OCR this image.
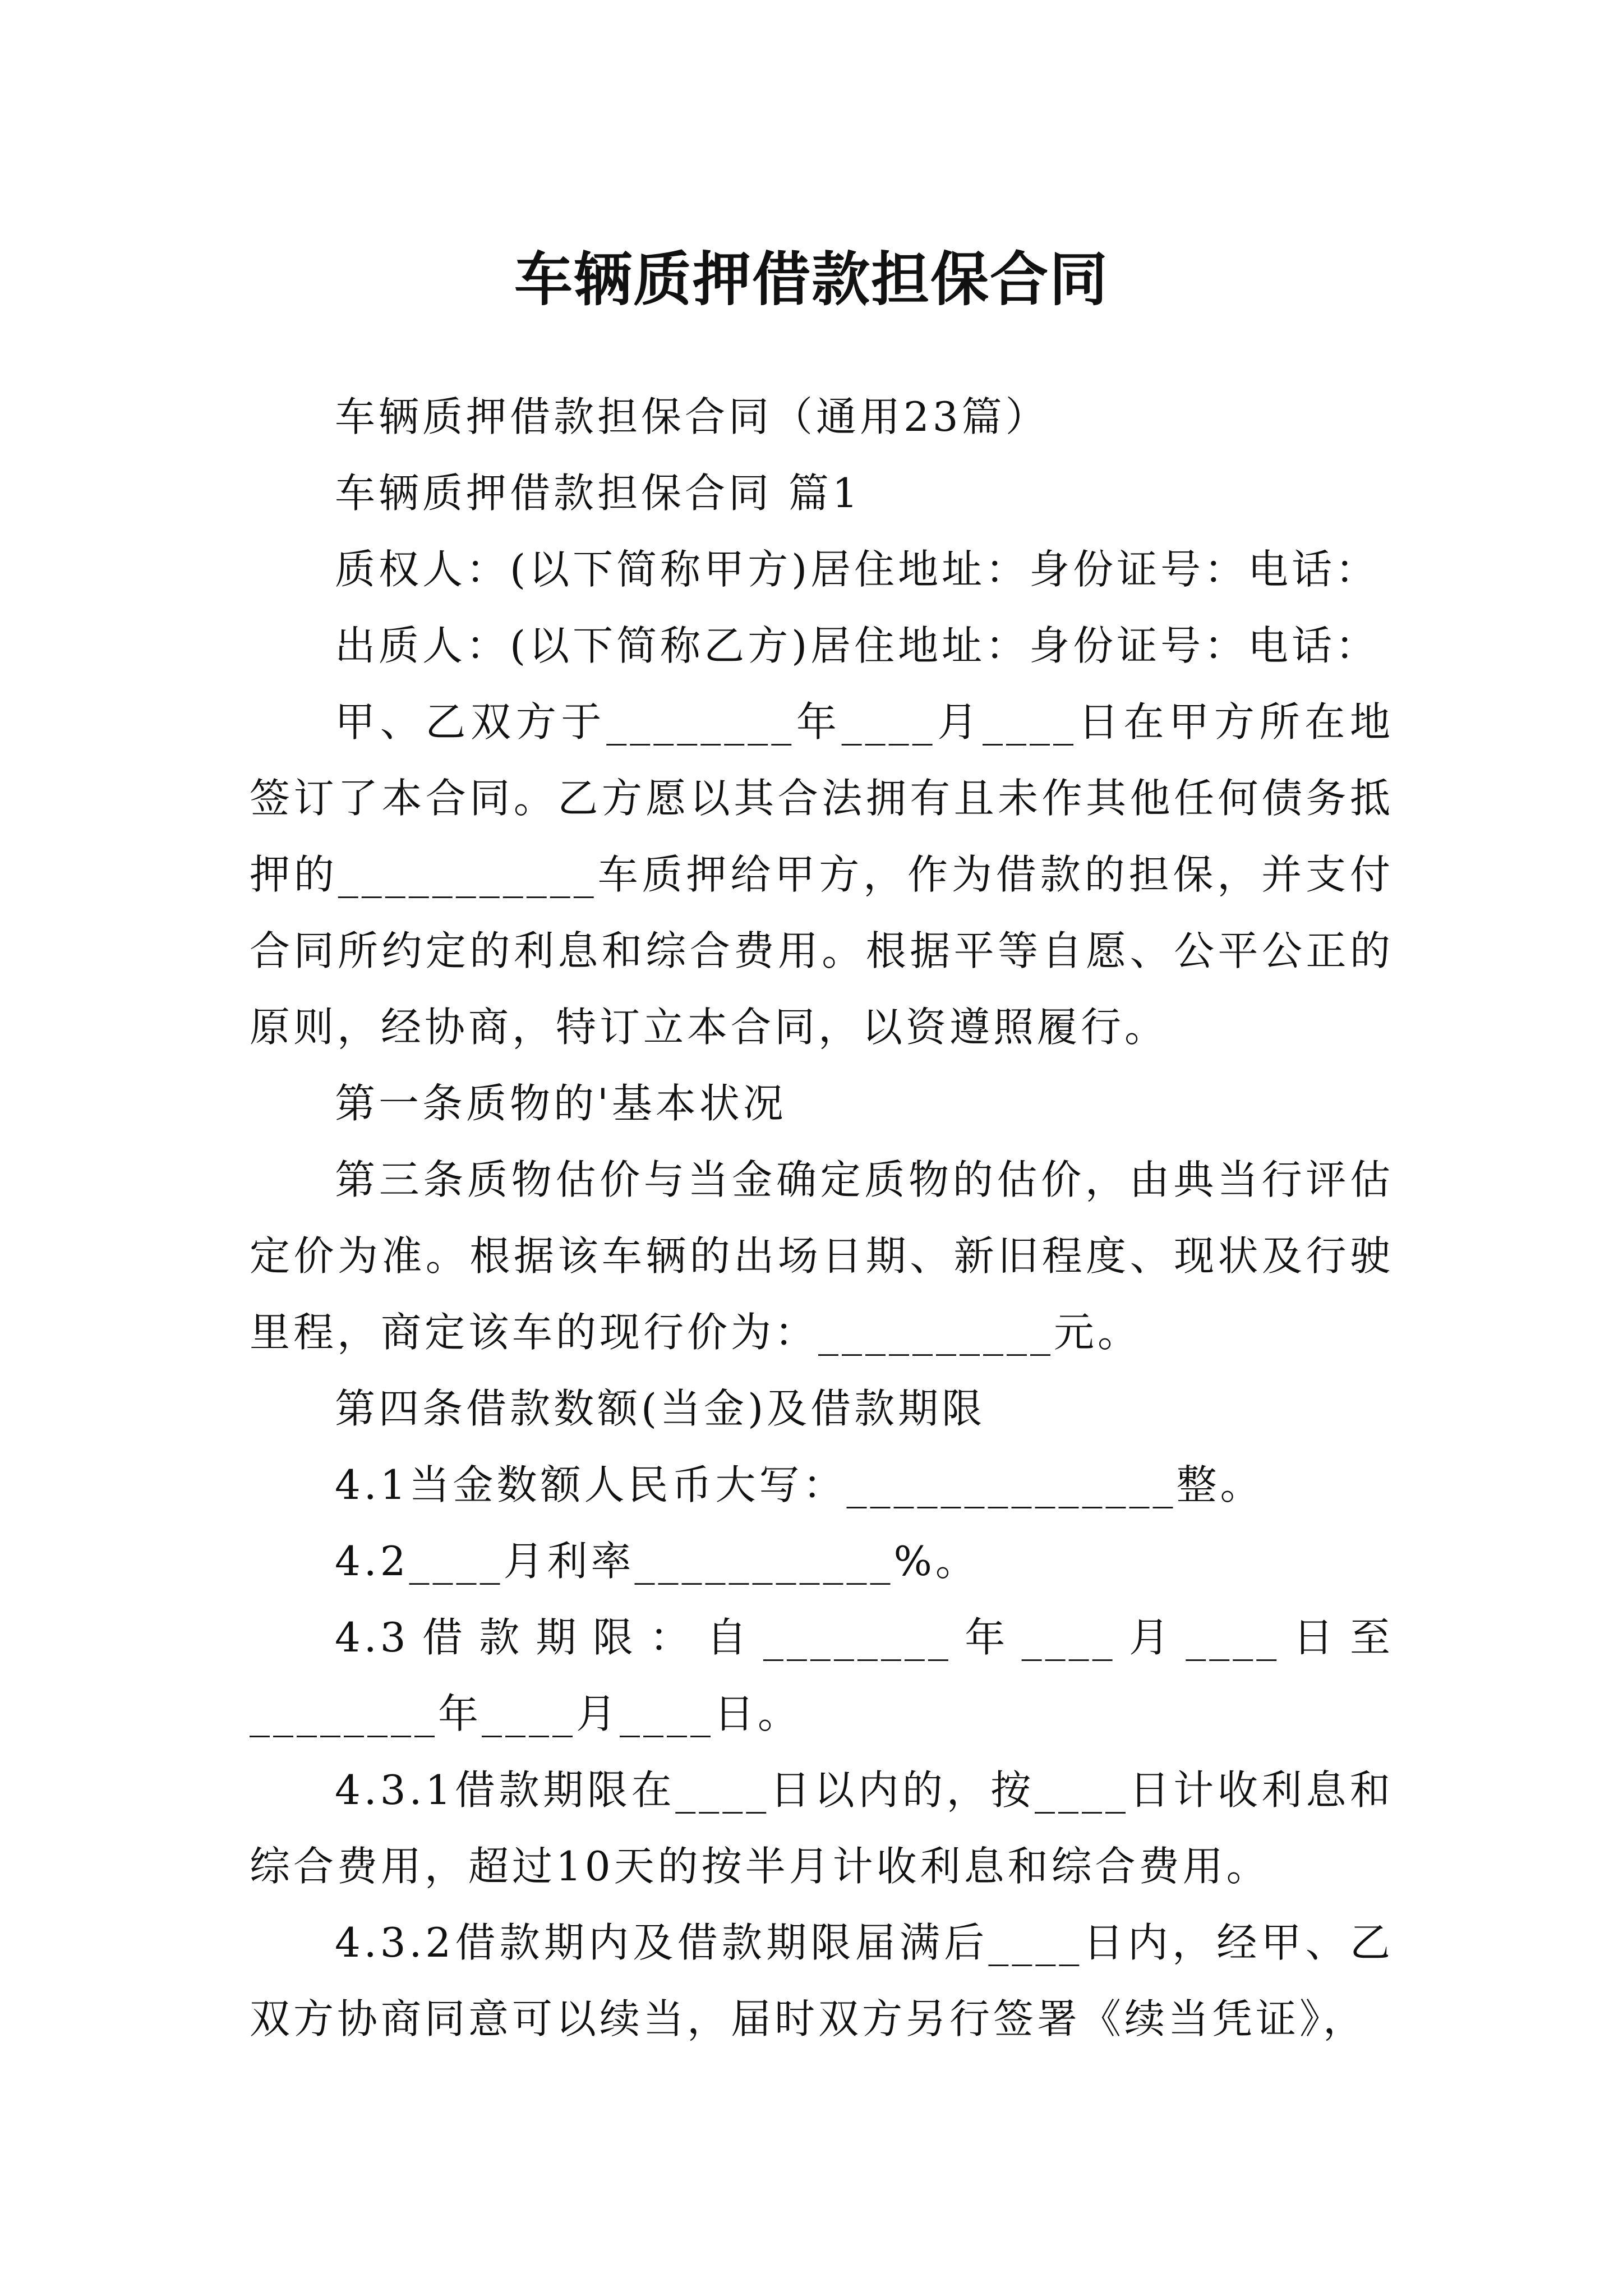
车辆质押借款担保合同

车辆质押借款担保合同（通用23篇）

车辆质押借款担保合同 篇1

质权人：(以下简称甲方)居住地址：身份证号：电话：

出质人：(以下简称乙方)居住地址：身份证号：电话：

甲、乙双方于________年____月____日在甲方所在地签订了本合同。乙方愿以其合法拥有且未作其他任何债务抵押的___________车质押给甲方，作为借款的担保，并支付合同所约定的利息和综合费用。根据平等自愿、公平公正的原则，经协商，特订立本合同，以资遵照履行。

第一条质物的'基本状况

第三条质物估价与当金确定质物的估价，由典当行评估定价为准。根据该车辆的出场日期、新旧程度、现状及行驶里程，商定该车的现行价为：__________元。

第四条借款数额(当金)及借款期限

4.1当金数额人民币大写：______________整。

4.2____月利率___________%。

4.3借款期限：自________年____月____日至________年____月____日。

4.3.1借款期限在____日以内的，按____日计收利息和综合费用，超过10天的按半月计收利息和综合费用。

4.3.2借款期内及借款期限届满后____日内，经甲、乙双方协商同意可以续当，届时双方另行签署《续当凭证》，
